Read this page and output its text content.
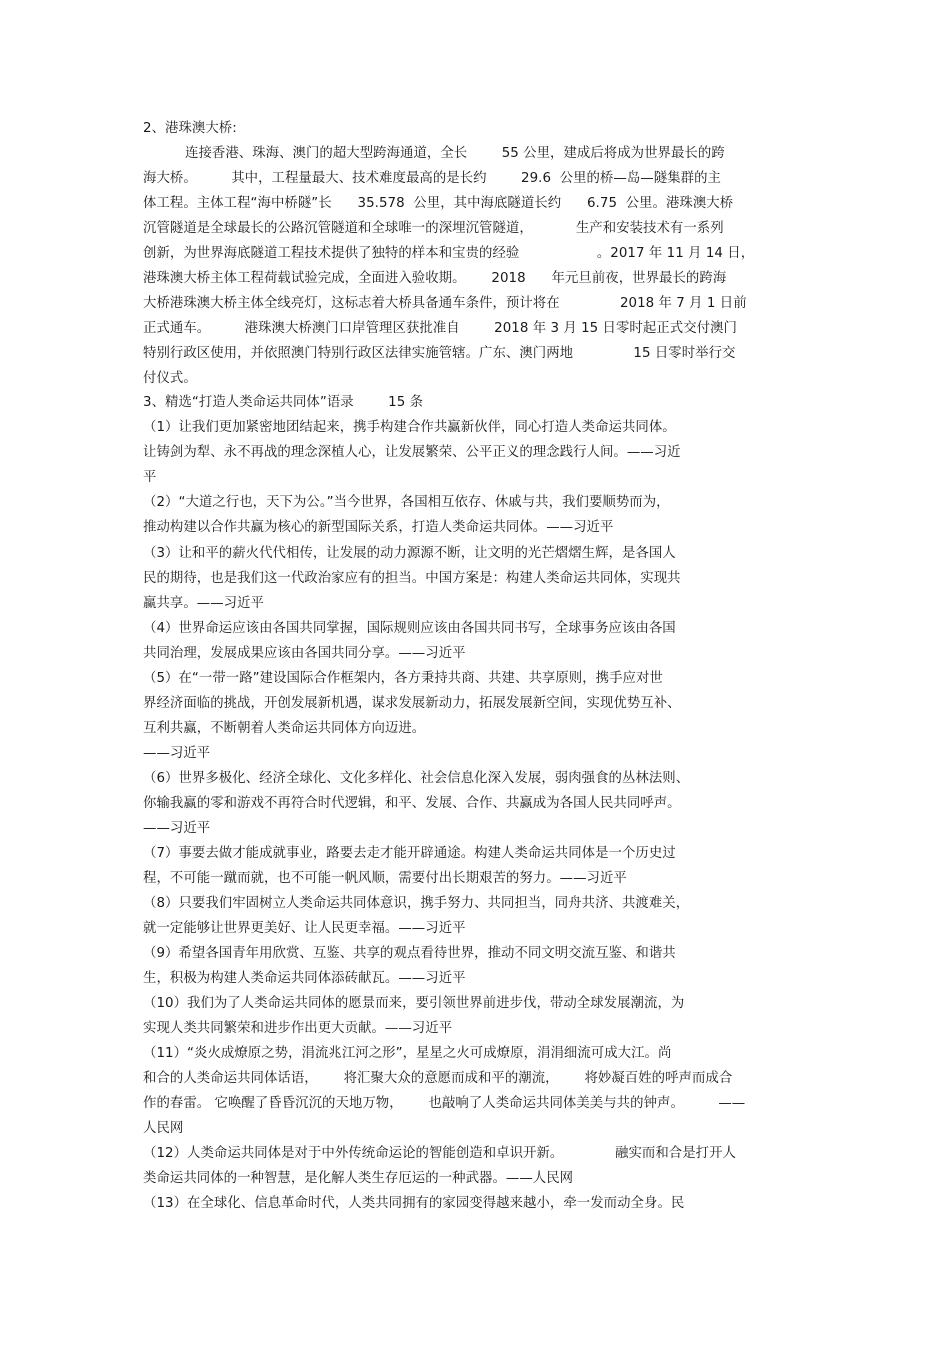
2、港珠澳大桥:
连接香港、珠海、澳门的超大型跨海通道，全长        55 公里，建成后将成为世界最长的跨
海大桥。        其中，工程量最大、技术难度最高的是长约        29.6  公里的桥—岛—隧集群的主
体工程。主体工程“海中桥隧”长      35.578  公里，其中海底隧道长约      6.75  公里。港珠澳大桥
沉管隧道是全球最长的公路沉管隧道和全球唯一的深埋沉管隧道，          生产和安装技术有一系列
创新，为世界海底隧道工程技术提供了独特的样本和宝贵的经验                  。2017 年 11 月 14 日，
港珠澳大桥主体工程荷载试验完成，全面进入验收期。      2018      年元旦前夜，世界最长的跨海
大桥港珠澳大桥主体全线亮灯，这标志着大桥具备通车条件，预计将在              2018 年 7 月 1 日前
正式通车。        港珠澳大桥澳门口岸管理区获批准自        2018 年 3 月 15 日零时起正式交付澳门
特别行政区使用，并依照澳门特别行政区法律实施管辖。广东、澳门两地              15 日零时举行交
付仪式。
3、精选“打造人类命运共同体”语录        15 条
（1）让我们更加紧密地团结起来，携手构建合作共赢新伙伴，同心打造人类命运共同体。
让铸剑为犁、永不再战的理念深植人心，让发展繁荣、公平正义的理念践行人间。——习近
平
（2）“大道之行也，天下为公。”当今世界，各国相互依存、休戚与共，我们要顺势而为，
推动构建以合作共赢为核心的新型国际关系，打造人类命运共同体。——习近平
（3）让和平的薪火代代相传，让发展的动力源源不断，让文明的光芒熠熠生辉，是各国人
民的期待，也是我们这一代政治家应有的担当。中国方案是：构建人类命运共同体，实现共
赢共享。——习近平
（4）世界命运应该由各国共同掌握，国际规则应该由各国共同书写，全球事务应该由各国
共同治理，发展成果应该由各国共同分享。——习近平
（5）在“一带一路”建设国际合作框架内，各方秉持共商、共建、共享原则，携手应对世
界经济面临的挑战，开创发展新机遇，谋求发展新动力，拓展发展新空间，实现优势互补、
互利共赢，不断朝着人类命运共同体方向迈进。
——习近平
（6）世界多极化、经济全球化、文化多样化、社会信息化深入发展，弱肉强食的丛林法则、
你输我赢的零和游戏不再符合时代逻辑，和平、发展、合作、共赢成为各国人民共同呼声。
——习近平
（7）事要去做才能成就事业，路要去走才能开辟通途。构建人类命运共同体是一个历史过
程，不可能一蹴而就，也不可能一帆风顺，需要付出长期艰苦的努力。——习近平
（8）只要我们牢固树立人类命运共同体意识，携手努力、共同担当，同舟共济、共渡难关，
就一定能够让世界更美好、让人民更幸福。——习近平
（9）希望各国青年用欣赏、互鉴、共享的观点看待世界，推动不同文明交流互鉴、和谐共
生，积极为构建人类命运共同体添砖献瓦。——习近平
（10）我们为了人类命运共同体的愿景而来，要引领世界前进步伐，带动全球发展潮流，为
实现人类共同繁荣和进步作出更大贡献。——习近平
（11）“炎火成燎原之势，涓流兆江河之形”，星星之火可成燎原，涓涓细流可成大江。尚
和合的人类命运共同体话语，      将汇聚大众的意愿而成和平的潮流，      将妙凝百姓的呼声而成合
作的春雷。 它唤醒了昏昏沉沉的天地万物，      也敲响了人类命运共同体美美与共的钟声。        ——
人民网
（12）人类命运共同体是对于中外传统命运论的智能创造和卓识开新。            融实而和合是打开人
类命运共同体的一种智慧，是化解人类生存厄运的一种武器。——人民网
（13）在全球化、信息革命时代，人类共同拥有的家园变得越来越小，牵一发而动全身。民
